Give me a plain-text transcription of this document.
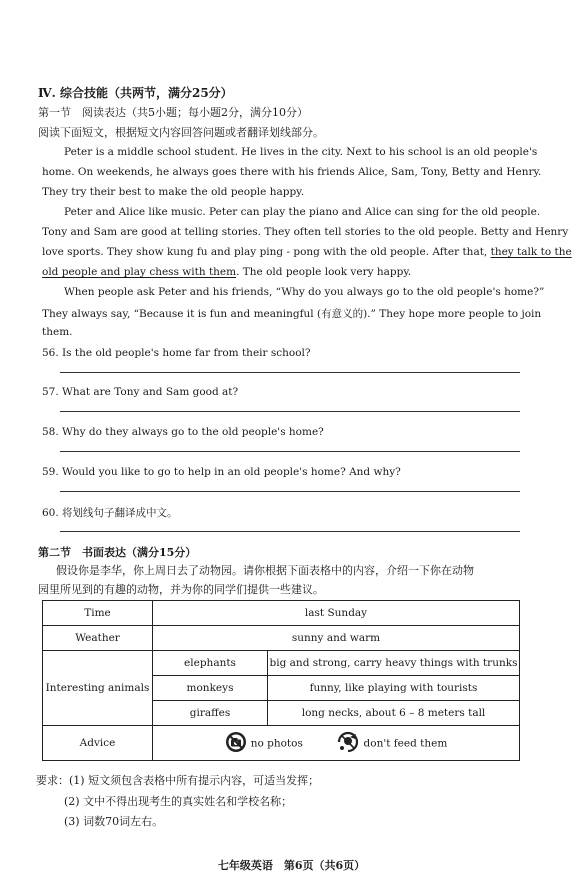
Ⅳ. 综合技能（共两节，满分25分）
第一节　阅读表达（共5小题；每小题2分，满分10分）
阅读下面短文，根据短文内容回答问题或者翻译划线部分。
Peter is a middle school student. He lives in the city. Next to his school is an old people's
home. On weekends, he always goes there with his friends Alice, Sam, Tony, Betty and Henry.
They try their best to make the old people happy.
Peter and Alice like music. Peter can play the piano and Alice can sing for the old people.
Tony and Sam are good at telling stories. They often tell stories to the old people. Betty and Henry
love sports. They show kung fu and play ping - pong with the old people. After that, they talk to the
old people and play chess with them. The old people look very happy.
When people ask Peter and his friends, “Why do you always go to the old people's home?”
They always say, “Because it is fun and meaningful (有意义的).” They hope more people to join
them.
56. Is the old people's home far from their school?
57. What are Tony and Sam good at?
58. Why do they always go to the old people's home?
59. Would you like to go to help in an old people's home? And why?
60. 将划线句子翻译成中文。
第二节　书面表达（满分15分）
假设你是李华，你上周日去了动物园。请你根据下面表格中的内容，介绍一下你在动物
园里所见到的有趣的动物，并为你的同学们提供一些建议。
Time	last Sunday	
Weather	sunny and warm	
Interesting animals	elephants	big and strong, carry heavy things with trunks
	monkeys	funny, like playing with tourists
	giraffes	long necks, about 6 – 8 meters tall
Advice	no photos don't feed them	
要求：(1) 短文须包含表格中所有提示内容，可适当发挥；
(2) 文中不得出现考生的真实姓名和学校名称；
(3) 词数70词左右。
七年级英语　第6页（共6页）
